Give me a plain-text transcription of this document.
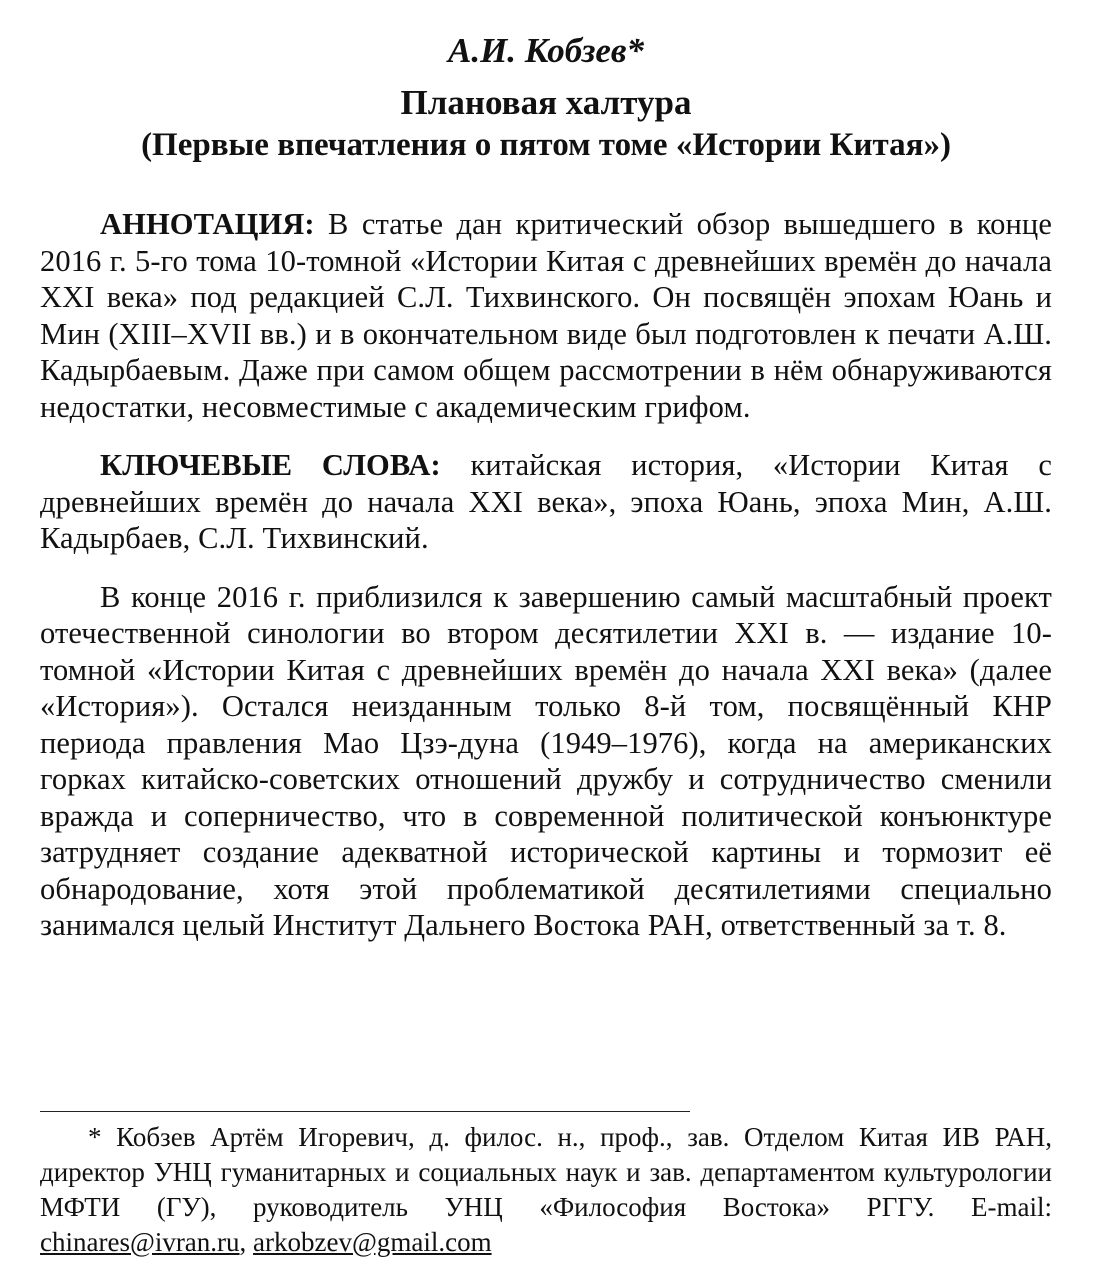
А.И. Кобзев*
Плановая халтура
(Первые впечатления о пятом томе «Истории Китая»)

АННОТАЦИЯ: В статье дан критический обзор вышедшего в конце 2016 г. 5-го тома 10-томной «Истории Китая с древнейших времён до начала XXI века» под редакцией С.Л. Тихвинского. Он посвящён эпохам Юань и Мин (XIII–XVII вв.) и в окончательном виде был подготовлен к печати А.Ш. Кадырбаевым. Даже при самом общем рассмотрении в нём обнаруживаются недостатки, несовместимые с академическим грифом.

КЛЮЧЕВЫЕ СЛОВА: китайская история, «Истории Китая с древнейших времён до начала XXI века», эпоха Юань, эпоха Мин, А.Ш. Кадырбаев, С.Л. Тихвинский.

В конце 2016 г. приблизился к завершению самый масштабный проект отечественной синологии во втором десятилетии XXI в. — издание 10-томной «Истории Китая с древнейших времён до начала XXI века» (далее «История»). Остался неизданным только 8-й том, посвящённый КНР периода правления Мао Цзэ-дуна (1949–1976), когда на американских горках китайско-советских отношений дружбу и сотрудничество сменили вражда и соперничество, что в современной политической конъюнктуре затрудняет создание адекватной исторической картины и тормозит её обнародование, хотя этой проблематикой десятилетиями специально занимался целый Институт Дальнего Востока РАН, ответственный за т. 8.

* Кобзев Артём Игоревич, д. филос. н., проф., зав. Отделом Китая ИВ РАН, директор УНЦ гуманитарных и социальных наук и зав. департаментом культурологии МФТИ (ГУ), руководитель УНЦ «Философия Востока» РГГУ. E-mail: chinares@ivran.ru, arkobzev@gmail.com
